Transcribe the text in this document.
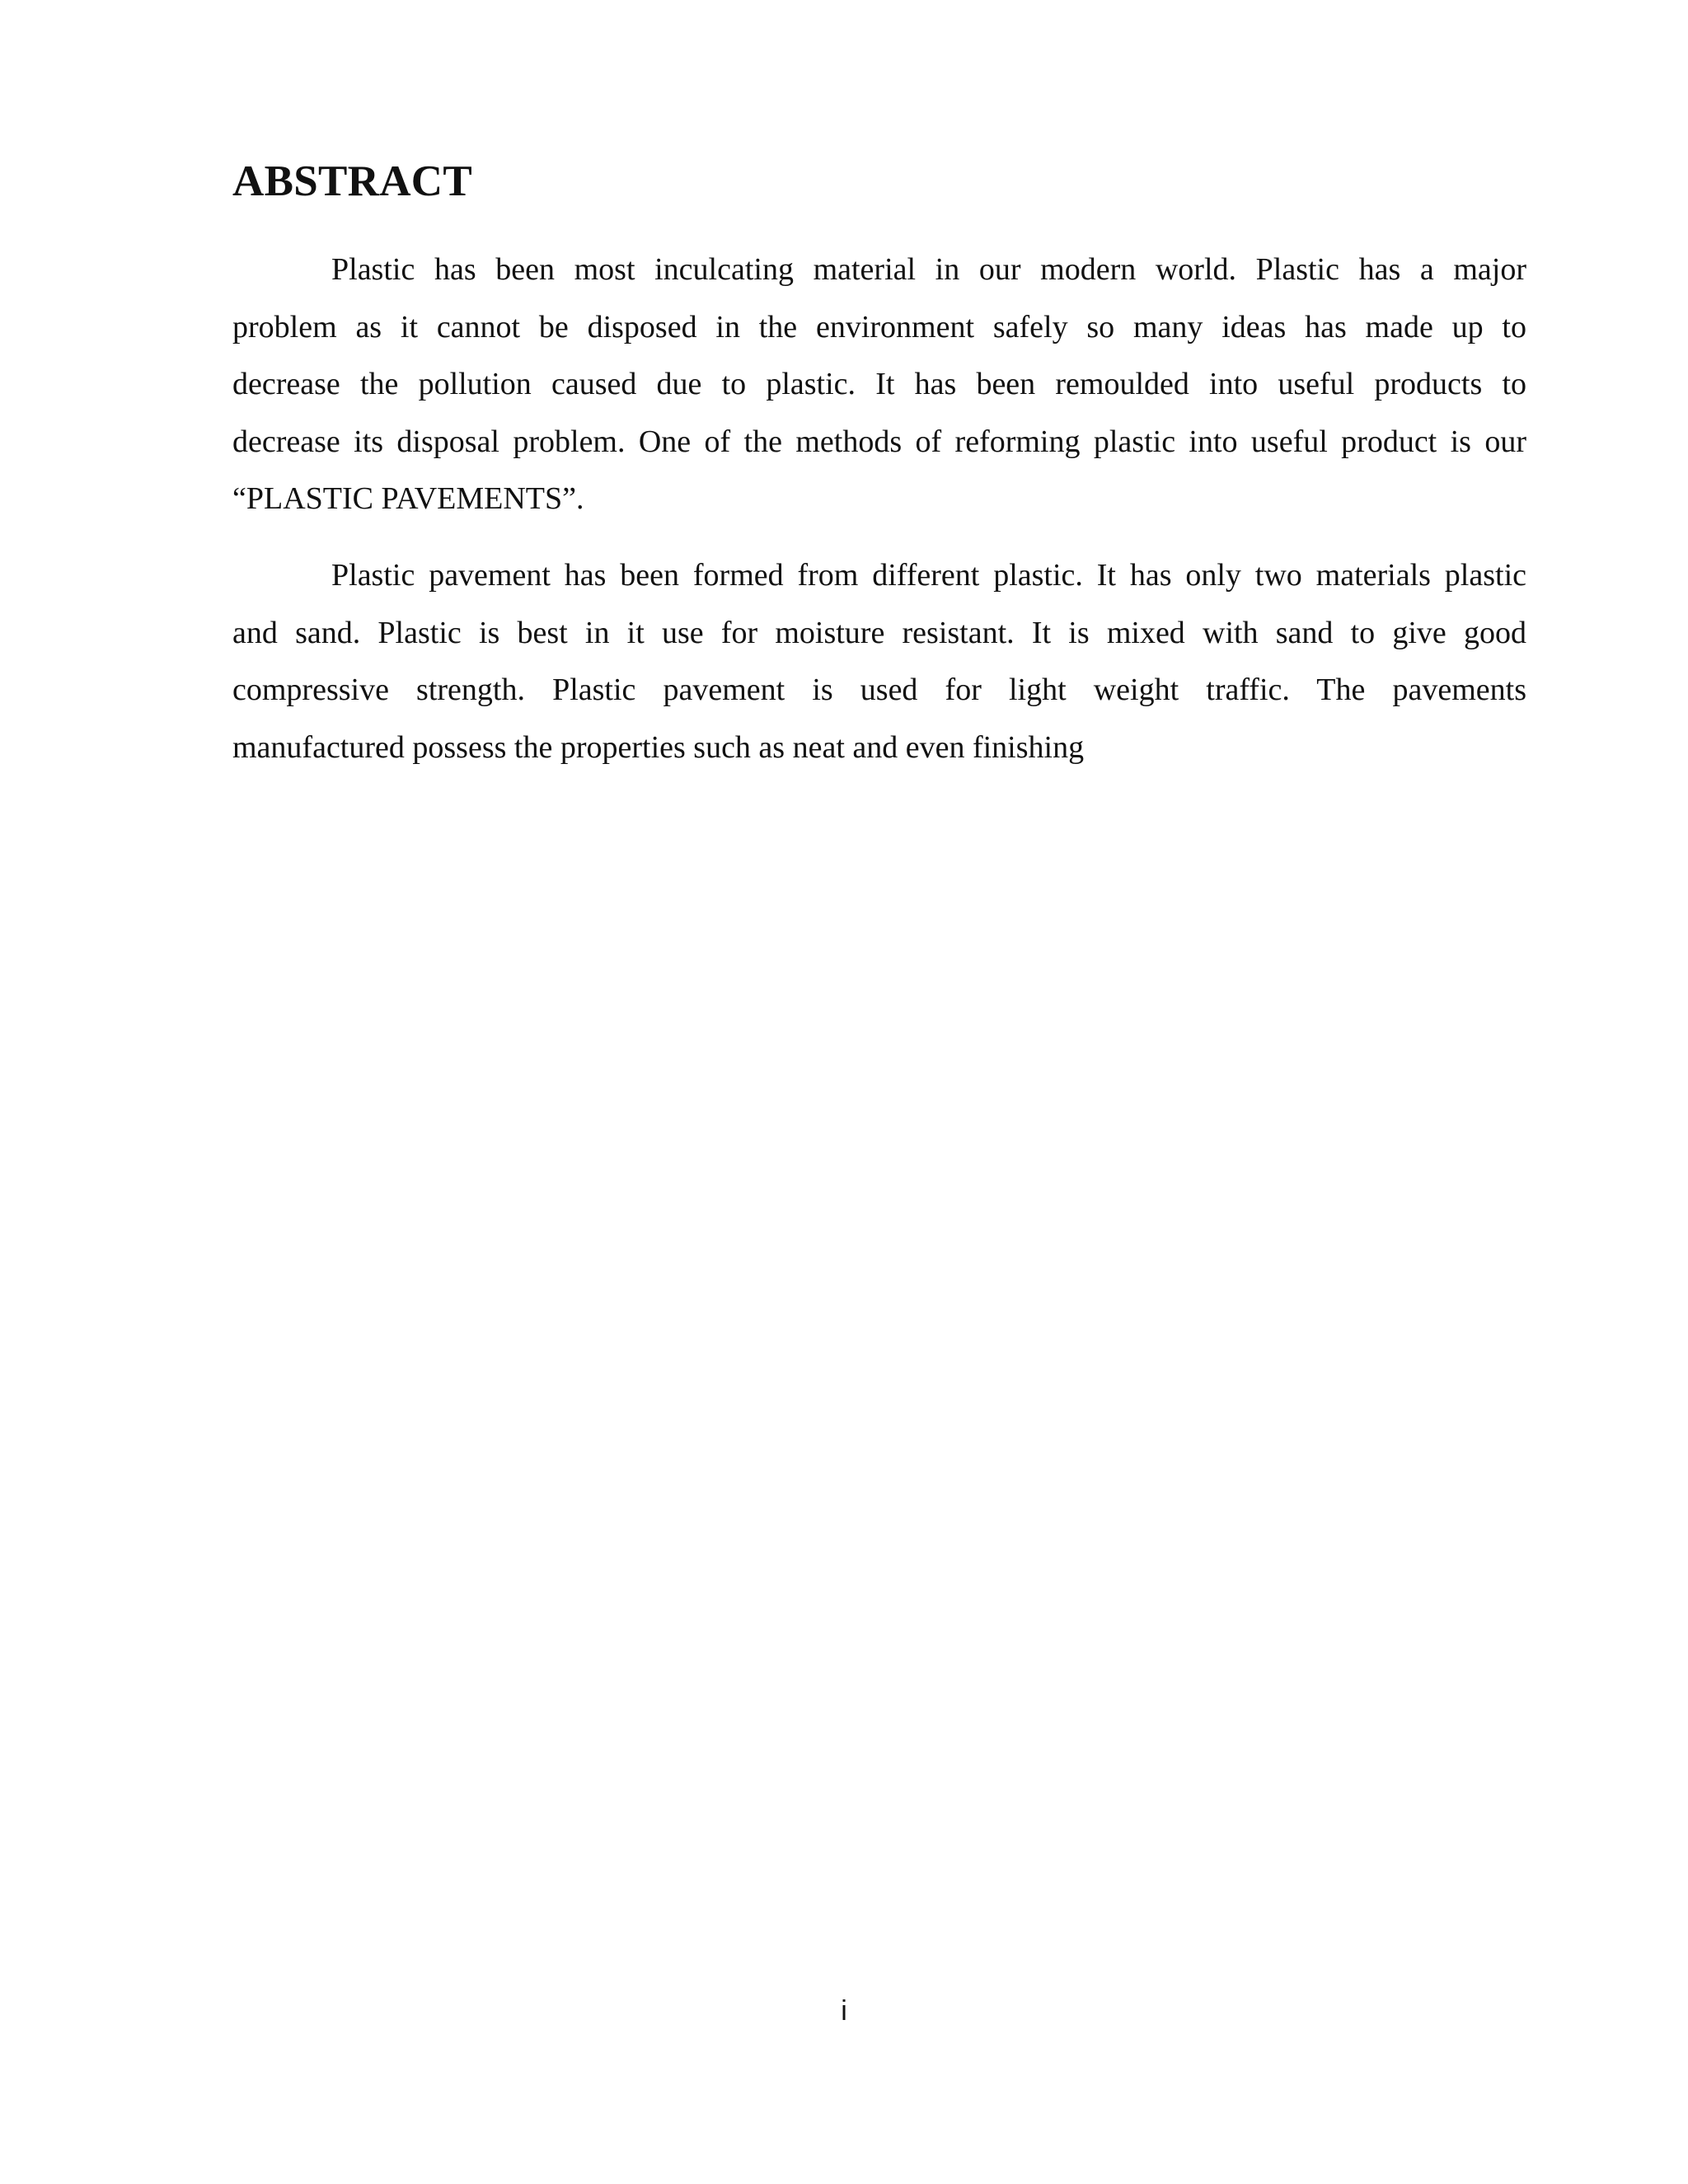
ABSTRACT

Plastic has been most inculcating material in our modern world. Plastic has a major
problem as it cannot be disposed in the environment safely so many ideas has made up to
decrease the pollution caused due to plastic. It has been remoulded into useful products to
decrease its disposal problem. One of the methods of reforming plastic into useful product is our
“PLASTIC PAVEMENTS”.

Plastic pavement has been formed from different plastic. It has only two materials plastic
and sand. Plastic is best in it use for moisture resistant. It is mixed with sand to give good
compressive strength. Plastic pavement is used for light weight traffic. The pavements
manufactured possess the properties such as neat and even finishing

i
